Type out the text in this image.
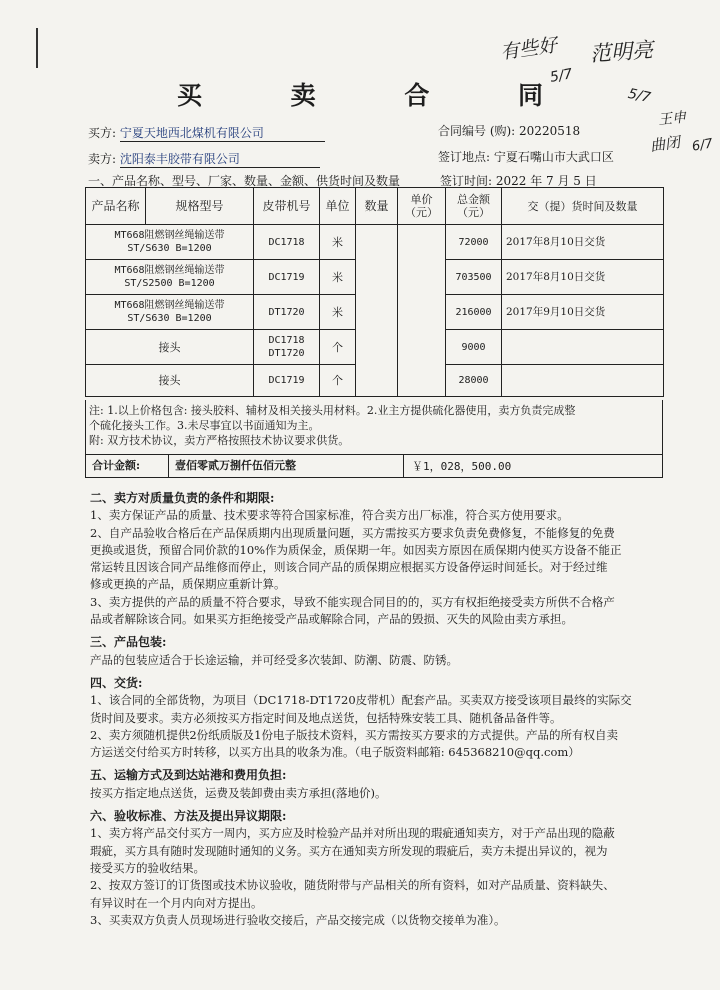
有些好
5/7
范明亮
5/7
王申
曲闭 6/7
买 卖 合 同
买方: 宁夏天地西北煤机有限公司	合同编号 (购): 20220518
卖方: 沈阳泰丰胶带有限公司	签订地点: 宁夏石嘴山市大武口区
一、产品名称、型号、厂家、数量、金额、供货时间及数量	签订时间: 2022 年 7 月 5 日
产品名称	规格型号	皮带机号	单位	数量	单价（元）	总金额（元）	交（提）货时间及数量

MT668阻燃钢丝绳输送带
ST/S630 B=1200		DC1718	米			72000	2017年8月10日交货

MT668阻燃钢丝绳输送带
ST/S2500 B=1200		DC1719	米			703500	2017年8月10日交货

MT668阻燃钢丝绳输送带
ST/S630 B=1200		DT1720	米			216000	2017年9月10日交货
接头		DC1718
DT1720	个			9000	
接头		DC1719	个			28000	
注: 1.以上价格包含: 接头胶料、辅材及相关接头用材料。2.业主方提供硫化器使用，卖方负责完成整
个硫化接头工作。3.未尽事宜以书面通知为主。
附: 双方技术协议，卖方严格按照技术协议要求供货。
合计金额:	壹佰零贰万捌仟伍佰元整	￥1，028，500.00
二、卖方对质量负责的条件和期限:
1、卖方保证产品的质量、技术要求等符合国家标准，符合卖方出厂标准，符合买方使用要求。
2、自产品验收合格后在产品保质期内出现质量问题，买方需按买方要求负责免费修复，不能修复的免费
更换或退货，预留合同价款的10%作为质保金，质保期一年。如因卖方原因在质保期内使买方设备不能正
常运转且因该合同产品维修而停止，则该合同产品的质保期应根据买方设备停运时间延长。对于经过维
修或更换的产品，质保期应重新计算。
3、卖方提供的产品的质量不符合要求，导致不能实现合同目的的，买方有权拒绝接受卖方所供不合格产
品或者解除该合同。如果买方拒绝接受产品或解除合同，产品的毁损、灭失的风险由卖方承担。
三、产品包装:
产品的包装应适合于长途运输，并可经受多次装卸、防潮、防震、防锈。
四、交货:
1、该合同的全部货物，为项目（DC1718-DT1720皮带机）配套产品。买卖双方接受该项目最终的实际交
货时间及要求。卖方必须按买方指定时间及地点送货，包括特殊安装工具、随机备品备件等。
2、卖方须随机提供2份纸质版及1份电子版技术资料，买方需按买方要求的方式提供。产品的所有权自卖
方运送交付给买方时转移，以买方出具的收条为准。（电子版资料邮箱: 645368210@qq.com）
五、运输方式及到达站港和费用负担:
按买方指定地点送货，运费及装卸费由卖方承担(落地价)。
六、验收标准、方法及提出异议期限:
1、卖方将产品交付买方一周内，买方应及时检验产品并对所出现的瑕疵通知卖方，对于产品出现的隐蔽
瑕疵，买方具有随时发现随时通知的义务。买方在通知卖方所发现的瑕疵后，卖方未提出异议的，视为
接受买方的验收结果。
2、按双方签订的订货图或技术协议验收，随货附带与产品相关的所有资料，如对产品质量、资料缺失、
有异议时在一个月内向对方提出。
3、买卖双方负责人员现场进行验收交接后，产品交接完成（以货物交接单为准）。
